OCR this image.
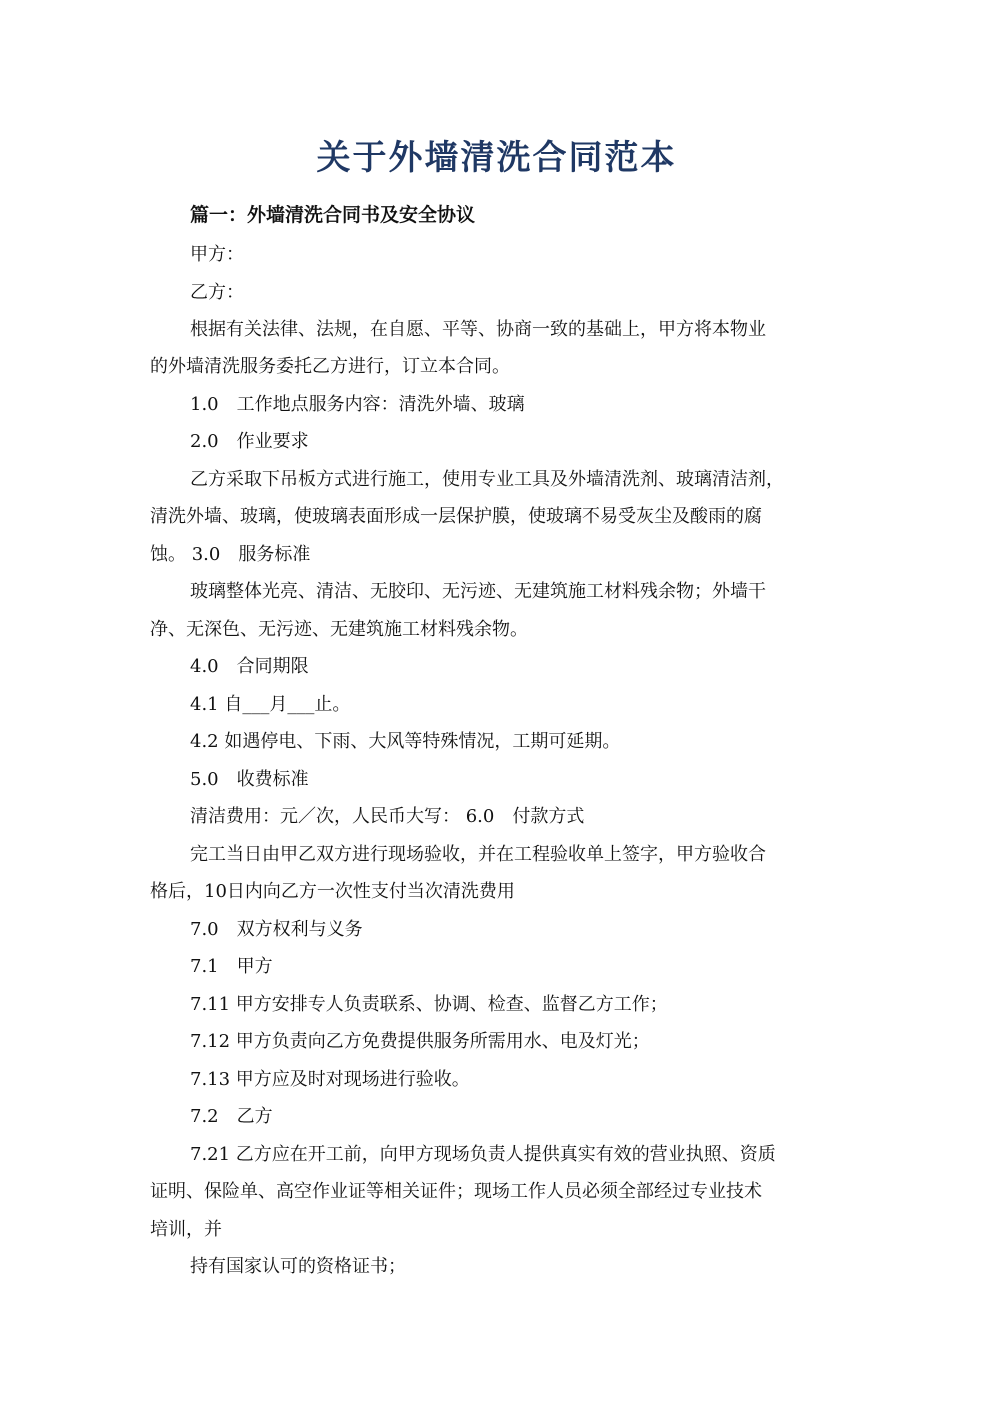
关于外墙清洗合同范本

篇一：外墙清洗合同书及安全协议

甲方：

乙方：

根据有关法律、法规，在自愿、平等、协商一致的基础上，甲方将本物业

的外墙清洗服务委托乙方进行，订立本合同。

1.0　工作地点服务内容：清洗外墙、玻璃

2.0　作业要求

乙方采取下吊板方式进行施工，使用专业工具及外墙清洗剂、玻璃清洁剂，

清洗外墙、玻璃，使玻璃表面形成一层保护膜，使玻璃不易受灰尘及酸雨的腐

蚀。 3.0　服务标准

玻璃整体光亮、清洁、无胶印、无污迹、无建筑施工材料残余物；外墙干

净、无深色、无污迹、无建筑施工材料残余物。

4.0　合同期限

4.1 自___月___止。

4.2 如遇停电、下雨、大风等特殊情况，工期可延期。

5.0　收费标准

清洁费用：元／次，人民币大写： 6.0　付款方式

完工当日由甲乙双方进行现场验收，并在工程验收单上签字，甲方验收合

格后，10日内向乙方一次性支付当次清洗费用

7.0　双方权利与义务

7.1　甲方

7.11 甲方安排专人负责联系、协调、检查、监督乙方工作；

7.12 甲方负责向乙方免费提供服务所需用水、电及灯光；

7.13 甲方应及时对现场进行验收。

7.2　乙方

7.21 乙方应在开工前，向甲方现场负责人提供真实有效的营业执照、资质

证明、保险单、高空作业证等相关证件；现场工作人员必须全部经过专业技术

培训，并

持有国家认可的资格证书；
